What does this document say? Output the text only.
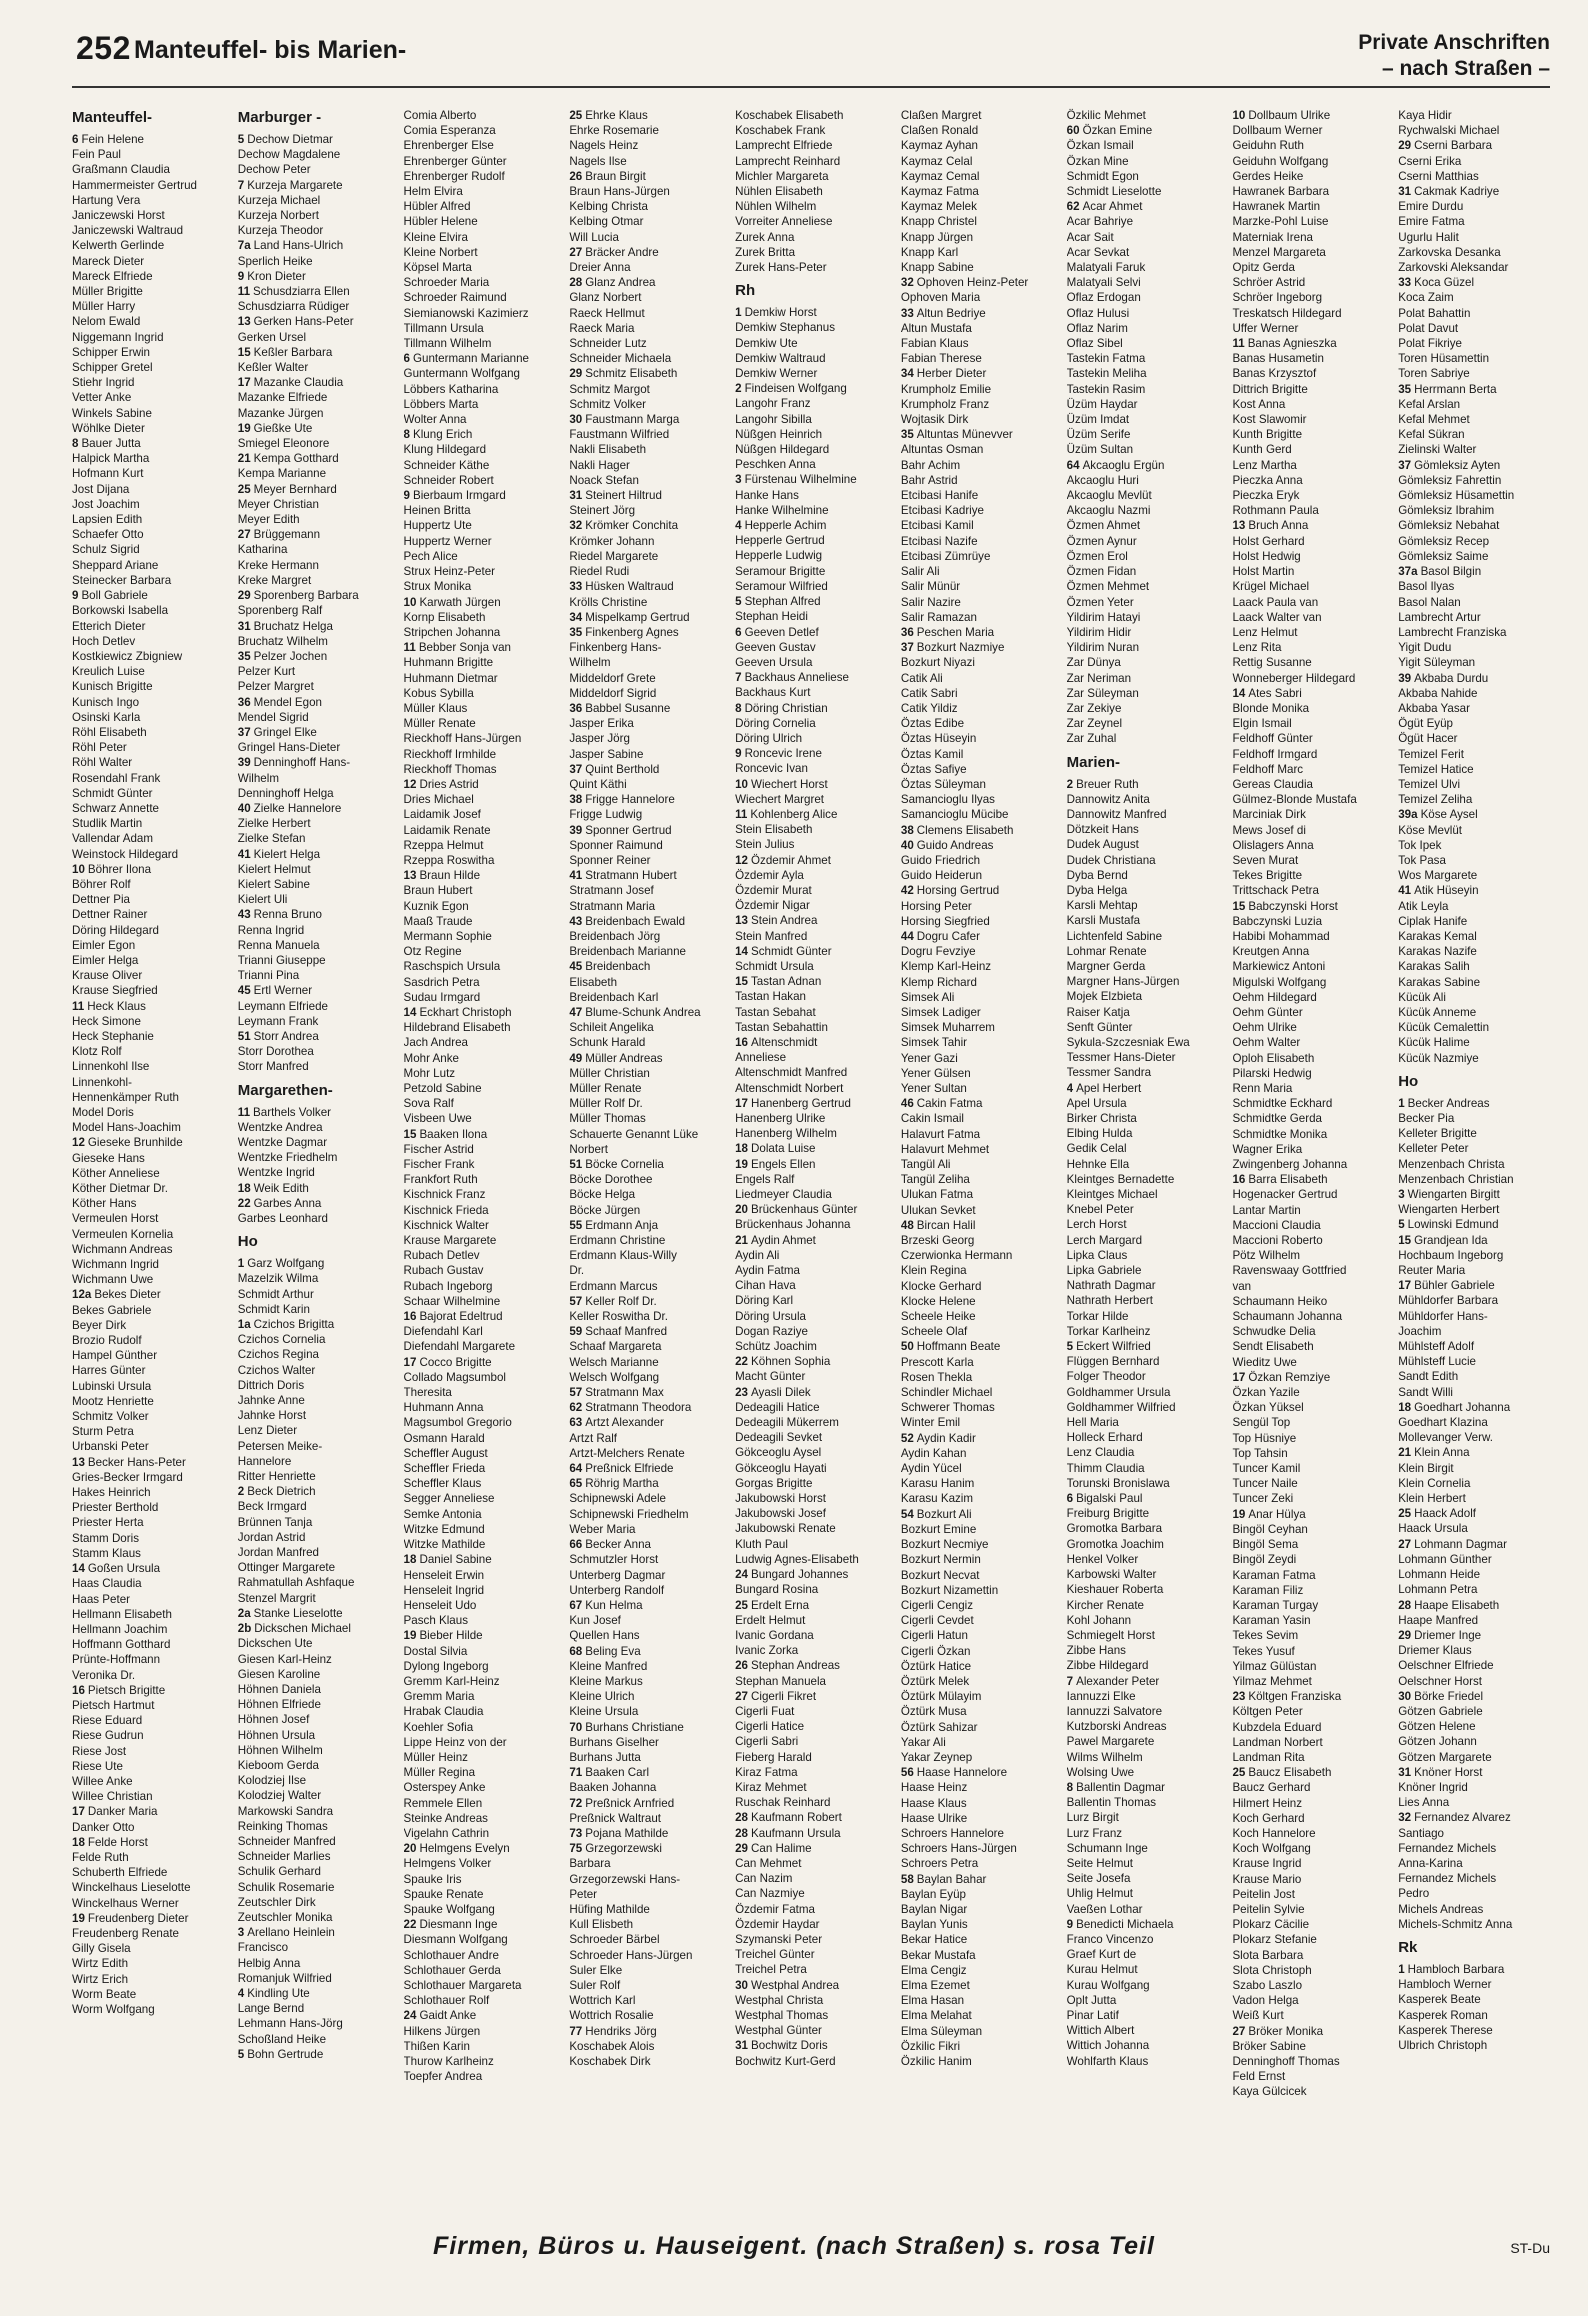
252 Manteuffel- bis Marien-	Private Anschriften
– nach Straßen –
Manteuffel-
6 Fein Helene
Fein Paul
Graßmann Claudia
Hammermeister Gertrud
Hartung Vera
Janiczewski Horst
Janiczewski Waltraud
Kelwerth Gerlinde
Mareck Dieter
Mareck Elfriede
Müller Brigitte
Müller Harry
Nelom Ewald
Niggemann Ingrid
Schipper Erwin
Schipper Gretel
Stiehr Ingrid
Vetter Anke
Winkels Sabine
Wöhlke Dieter
8 Bauer Jutta
Halpick Martha
Hofmann Kurt
Jost Dijana
Jost Joachim
Lapsien Edith
Schaefer Otto
Schulz Sigrid
Sheppard Ariane
Steinecker Barbara
9 Boll Gabriele
Borkowski Isabella
Etterich Dieter
Hoch Detlev
Kostkiewicz Zbigniew
Kreulich Luise
Kunisch Brigitte
Kunisch Ingo
Osinski Karla
Röhl Elisabeth
Röhl Peter
Röhl Walter
Rosendahl Frank
Schmidt Günter
Schwarz Annette
Studlik Martin
Vallendar Adam
Weinstock Hildegard
10 Böhrer Ilona
Böhrer Rolf
Dettner Pia
Dettner Rainer
Döring Hildegard
Eimler Egon
Eimler Helga
Krause Oliver
Krause Siegfried
11 Heck Klaus
Heck Simone
Heck Stephanie
Klotz Rolf
Linnenkohl Ilse
Linnenkohl-
Hennenkämper Ruth
Model Doris
Model Hans-Joachim
12 Gieseke Brunhilde
Gieseke Hans
Köther Anneliese
Köther Dietmar Dr.
Köther Hans
Vermeulen Horst
Vermeulen Kornelia
Wichmann Andreas
Wichmann Ingrid
Wichmann Uwe
12a Bekes Dieter
Bekes Gabriele
Beyer Dirk
Brozio Rudolf
Hampel Günther
Harres Günter
Lubinski Ursula
Mootz Henriette
Schmitz Volker
Sturm Petra
Urbanski Peter
13 Becker Hans-Peter
Gries-Becker Irmgard
Hakes Heinrich
Priester Berthold
Priester Herta
Stamm Doris
Stamm Klaus
14 Goßen Ursula
Haas Claudia
Haas Peter
Hellmann Elisabeth
Hellmann Joachim
Hoffmann Gotthard
Prünte-Hoffmann
Veronika Dr.
16 Pietsch Brigitte
Pietsch Hartmut
Riese Eduard
Riese Gudrun
Riese Jost
Riese Ute
Willee Anke
Willee Christian
17 Danker Maria
Danker Otto
18 Felde Horst
Felde Ruth
Schuberth Elfriede
Winckelhaus Lieselotte
Winckelhaus Werner
19 Freudenberg Dieter
Freudenberg Renate
Gilly Gisela
Wirtz Edith
Wirtz Erich
Worm Beate
Worm Wolfgang
Marburger -
5 Dechow Dietmar
Dechow Magdalene
Dechow Peter
7 Kurzeja Margarete
Kurzeja Michael
Kurzeja Norbert
Kurzeja Theodor
7a Land Hans-Ulrich
Sperlich Heike
9 Kron Dieter
11 Schusdziarra Ellen
Schusdziarra Rüdiger
13 Gerken Hans-Peter
Gerken Ursel
15 Keßler Barbara
Keßler Walter
17 Mazanke Claudia
Mazanke Elfriede
Mazanke Jürgen
19 Gießke Ute
Smiegel Eleonore
21 Kempa Gotthard
Kempa Marianne
25 Meyer Bernhard
Meyer Christian
Meyer Edith
27 Brüggemann
Katharina
Kreke Hermann
Kreke Margret
29 Sporenberg Barbara
Sporenberg Ralf
31 Bruchatz Helga
Bruchatz Wilhelm
35 Pelzer Jochen
Pelzer Kurt
Pelzer Margret
36 Mendel Egon
Mendel Sigrid
37 Gringel Elke
Gringel Hans-Dieter
39 Denninghoff Hans-
Wilhelm
Denninghoff Helga
40 Zielke Hannelore
Zielke Herbert
Zielke Stefan
41 Kielert Helga
Kielert Helmut
Kielert Sabine
Kielert Uli
43 Renna Bruno
Renna Ingrid
Renna Manuela
Trianni Giuseppe
Trianni Pina
45 Ertl Werner
Leymann Elfriede
Leymann Frank
51 Storr Andrea
Storr Dorothea
Storr Manfred
Margarethen-
11 Barthels Volker
Wentzke Andrea
Wentzke Dagmar
Wentzke Friedhelm
Wentzke Ingrid
18 Weik Edith
22 Garbes Anna
Garbes Leonhard
Ho
1 Garz Wolfgang
Mazelzik Wilma
Schmidt Arthur
Schmidt Karin
1a Czichos Brigitta
Czichos Cornelia
Czichos Regina
Czichos Walter
Dittrich Doris
Jahnke Anne
Jahnke Horst
Lenz Dieter
Petersen Meike-
Hannelore
Ritter Henriette
2 Beck Dietrich
Beck Irmgard
Brünnen Tanja
Jordan Astrid
Jordan Manfred
Ottinger Margarete
Rahmatullah Ashfaque
Stenzel Margrit
2a Stanke Lieselotte
2b Dickschen Michael
Dickschen Ute
Giesen Karl-Heinz
Giesen Karoline
Höhnen Daniela
Höhnen Elfriede
Höhnen Josef
Höhnen Ursula
Höhnen Wilhelm
Kieboom Gerda
Kolodziej Ilse
Kolodziej Walter
Markowski Sandra
Reinking Thomas
Schneider Manfred
Schneider Marlies
Schulik Gerhard
Schulik Rosemarie
Zeutschler Dirk
Zeutschler Monika
3 Arellano Heinlein
Francisco
Helbig Anna
Romanjuk Wilfried
4 Kindling Ute
Lange Bernd
Lehmann Hans-Jörg
Schoßland Heike
5 Bohn Gertrude
Comia Alberto
Comia Esperanza
Ehrenberger Else
Ehrenberger Günter
Ehrenberger Rudolf
Helm Elvira
Hübler Alfred
Hübler Helene
Kleine Elvira
Kleine Norbert
Köpsel Marta
Schroeder Maria
Schroeder Raimund
Siemianowski Kazimierz
Tillmann Ursula
Tillmann Wilhelm
6 Guntermann Marianne
Guntermann Wolfgang
Löbbers Katharina
Löbbers Marta
Wolter Anna
8 Klung Erich
Klung Hildegard
Schneider Käthe
Schneider Robert
9 Bierbaum Irmgard
Heinen Britta
Huppertz Ute
Huppertz Werner
Pech Alice
Strux Heinz-Peter
Strux Monika
10 Karwath Jürgen
Kornp Elisabeth
Stripchen Johanna
11 Bebber Sonja van
Huhmann Brigitte
Huhmann Dietmar
Kobus Sybilla
Müller Klaus
Müller Renate
Rieckhoff Hans-Jürgen
Rieckhoff Irmhilde
Rieckhoff Thomas
12 Dries Astrid
Dries Michael
Laidamik Josef
Laidamik Renate
Rzeppa Helmut
Rzeppa Roswitha
13 Braun Hilde
Braun Hubert
Kuznik Egon
Maaß Traude
Mermann Sophie
Otz Regine
Raschspich Ursula
Sasdrich Petra
Sudau Irmgard
14 Eckhart Christoph
Hildebrand Elisabeth
Jach Andrea
Mohr Anke
Mohr Lutz
Petzold Sabine
Sova Ralf
Visbeen Uwe
15 Baaken Ilona
Fischer Astrid
Fischer Frank
Frankfort Ruth
Kischnick Franz
Kischnick Frieda
Kischnick Walter
Krause Margarete
Rubach Detlev
Rubach Gustav
Rubach Ingeborg
Schaar Wilhelmine
16 Bajorat Edeltrud
Diefendahl Karl
Diefendahl Margarete
17 Cocco Brigitte
Collado Magsumbol
Theresita
Huhmann Anna
Magsumbol Gregorio
Osmann Harald
Scheffler August
Scheffler Frieda
Scheffler Klaus
Segger Anneliese
Semke Antonia
Witzke Edmund
Witzke Mathilde
18 Daniel Sabine
Henseleit Erwin
Henseleit Ingrid
Henseleit Udo
Pasch Klaus
19 Bieber Hilde
Dostal Silvia
Dylong Ingeborg
Gremm Karl-Heinz
Gremm Maria
Hrabak Claudia
Koehler Sofia
Lippe Heinz von der
Müller Heinz
Müller Regina
Osterspey Anke
Remmele Ellen
Steinke Andreas
Vigelahn Cathrin
20 Helmgens Evelyn
Helmgens Volker
Spauke Iris
Spauke Renate
Spauke Wolfgang
22 Diesmann Inge
Diesmann Wolfgang
Schlothauer Andre
Schlothauer Gerda
Schlothauer Margareta
Schlothauer Rolf
24 Gaidt Anke
Hilkens Jürgen
Thißen Karin
Thurow Karlheinz
Toepfer Andrea
25 Ehrke Klaus
Ehrke Rosemarie
Nagels Heinz
Nagels Ilse
26 Braun Birgit
Braun Hans-Jürgen
Kelbing Christa
Kelbing Otmar
Will Lucia
27 Bräcker Andre
Dreier Anna
28 Glanz Andrea
Glanz Norbert
Raeck Hellmut
Raeck Maria
Schneider Lutz
Schneider Michaela
29 Schmitz Elisabeth
Schmitz Margot
Schmitz Volker
30 Faustmann Marga
Faustmann Wilfried
Nakli Elisabeth
Nakli Hager
Noack Stefan
31 Steinert Hiltrud
Steinert Jörg
32 Krömker Conchita
Krömker Johann
Riedel Margarete
Riedel Rudi
33 Hüsken Waltraud
Krölls Christine
34 Mispelkamp Gertrud
35 Finkenberg Agnes
Finkenberg Hans-
Wilhelm
Middeldorf Grete
Middeldorf Sigrid
36 Babbel Susanne
Jasper Erika
Jasper Jörg
Jasper Sabine
37 Quint Berthold
Quint Käthi
38 Frigge Hannelore
Frigge Ludwig
39 Sponner Gertrud
Sponner Raimund
Sponner Reiner
41 Stratmann Hubert
Stratmann Josef
Stratmann Maria
43 Breidenbach Ewald
Breidenbach Jörg
Breidenbach Marianne
45 Breidenbach
Elisabeth
Breidenbach Karl
47 Blume-Schunk Andrea
Schileit Angelika
Schunk Harald
49 Müller Andreas
Müller Christian
Müller Renate
Müller Rolf Dr.
Müller Thomas
Schauerte Genannt Lüke
Norbert
51 Böcke Cornelia
Böcke Dorothee
Böcke Helga
Böcke Jürgen
55 Erdmann Anja
Erdmann Christine
Erdmann Klaus-Willy
Dr.
Erdmann Marcus
57 Keller Rolf Dr.
Keller Roswitha Dr.
59 Schaaf Manfred
Schaaf Margareta
Welsch Marianne
Welsch Wolfgang
57 Stratmann Max
62 Stratmann Theodora
63 Artzt Alexander
Artzt Ralf
Artzt-Melchers Renate
64 Preßnick Elfriede
65 Röhrig Martha
Schipnewski Adele
Schipnewski Friedhelm
Weber Maria
66 Becker Anna
Schmutzler Horst
Unterberg Dagmar
Unterberg Randolf
67 Kun Helma
Kun Josef
Quellen Hans
68 Beling Eva
Kleine Manfred
Kleine Markus
Kleine Ulrich
Kleine Ursula
70 Burhans Christiane
Burhans Giselher
Burhans Jutta
71 Baaken Carl
Baaken Johanna
72 Preßnick Arnfried
Preßnick Waltraut
73 Pojana Mathilde
75 Grzegorzewski
Barbara
Grzegorzewski Hans-
Peter
Hüfing Mathilde
Kull Elisbeth
Schroeder Bärbel
Schroeder Hans-Jürgen
Suler Elke
Suler Rolf
Wottrich Karl
Wottrich Rosalie
77 Hendriks Jörg
Koschabek Alois
Koschabek Dirk
Koschabek Elisabeth
Koschabek Frank
Lamprecht Elfriede
Lamprecht Reinhard
Michler Margareta
Nühlen Elisabeth
Nühlen Wilhelm
Vorreiter Anneliese
Zurek Anna
Zurek Britta
Zurek Hans-Peter
Rh
1 Demkiw Horst
Demkiw Stephanus
Demkiw Ute
Demkiw Waltraud
Demkiw Werner
2 Findeisen Wolfgang
Langohr Franz
Langohr Sibilla
Nüßgen Heinrich
Nüßgen Hildegard
Peschken Anna
3 Fürstenau Wilhelmine
Hanke Hans
Hanke Wilhelmine
4 Hepperle Achim
Hepperle Gertrud
Hepperle Ludwig
Seramour Brigitte
Seramour Wilfried
5 Stephan Alfred
Stephan Heidi
6 Geeven Detlef
Geeven Gustav
Geeven Ursula
7 Backhaus Anneliese
Backhaus Kurt
8 Döring Christian
Döring Cornelia
Döring Ulrich
9 Roncevic Irene
Roncevic Ivan
10 Wiechert Horst
Wiechert Margret
11 Kohlenberg Alice
Stein Elisabeth
Stein Julius
12 Özdemir Ahmet
Özdemir Ayla
Özdemir Murat
Özdemir Nigar
13 Stein Andrea
Stein Manfred
14 Schmidt Günter
Schmidt Ursula
15 Tastan Adnan
Tastan Hakan
Tastan Sebahat
Tastan Sebahattin
16 Altenschmidt
Anneliese
Altenschmidt Manfred
Altenschmidt Norbert
17 Hanenberg Gertrud
Hanenberg Ulrike
Hanenberg Wilhelm
18 Dolata Luise
19 Engels Ellen
Engels Ralf
Liedmeyer Claudia
20 Brückenhaus Günter
Brückenhaus Johanna
21 Aydin Ahmet
Aydin Ali
Aydin Fatma
Cihan Hava
Döring Karl
Döring Ursula
Dogan Raziye
Schütz Joachim
22 Köhnen Sophia
Macht Günter
23 Ayasli Dilek
Dedeagili Hatice
Dedeagili Mükerrem
Dedeagili Sevket
Gökceoglu Aysel
Gökceoglu Hayati
Gorgas Brigitte
Jakubowski Horst
Jakubowski Josef
Jakubowski Renate
Kluth Paul
Ludwig Agnes-Elisabeth
24 Bungard Johannes
Bungard Rosina
25 Erdelt Erna
Erdelt Helmut
Ivanic Gordana
Ivanic Zorka
26 Stephan Andreas
Stephan Manuela
27 Cigerli Fikret
Cigerli Fuat
Cigerli Hatice
Cigerli Sabri
Fieberg Harald
Kiraz Fatma
Kiraz Mehmet
Ruschak Reinhard
28 Kaufmann Robert
28 Kaufmann Ursula
29 Can Halime
Can Mehmet
Can Nazim
Can Nazmiye
Özdemir Fatma
Özdemir Haydar
Szymanski Peter
Treichel Günter
Treichel Petra
30 Westphal Andrea
Westphal Christa
Westphal Thomas
Westphal Günter
31 Bochwitz Doris
Bochwitz Kurt-Gerd
Claßen Margret
Claßen Ronald
Kaymaz Ayhan
Kaymaz Celal
Kaymaz Cemal
Kaymaz Fatma
Kaymaz Melek
Knapp Christel
Knapp Jürgen
Knapp Karl
Knapp Sabine
32 Ophoven Heinz-Peter
Ophoven Maria
33 Altun Bedriye
Altun Mustafa
Fabian Klaus
Fabian Therese
34 Herber Dieter
Krumpholz Emilie
Krumpholz Franz
Wojtasik Dirk
35 Altuntas Münevver
Altuntas Osman
Bahr Achim
Bahr Astrid
Etcibasi Hanife
Etcibasi Kadriye
Etcibasi Kamil
Etcibasi Nazife
Etcibasi Zümrüye
Salir Ali
Salir Münür
Salir Nazire
Salir Ramazan
36 Peschen Maria
37 Bozkurt Nazmiye
Bozkurt Niyazi
Catik Ali
Catik Sabri
Catik Yildiz
Öztas Edibe
Öztas Hüseyin
Öztas Kamil
Öztas Safiye
Öztas Süleyman
Samancioglu Ilyas
Samancioglu Mücibe
38 Clemens Elisabeth
40 Guido Andreas
Guido Friedrich
Guido Heiderun
42 Horsing Gertrud
Horsing Peter
Horsing Siegfried
44 Dogru Cafer
Dogru Fevziye
Klemp Karl-Heinz
Klemp Richard
Simsek Ali
Simsek Ladiger
Simsek Muharrem
Simsek Tahir
Yener Gazi
Yener Gülsen
Yener Sultan
46 Cakin Fatma
Cakin Ismail
Halavurt Fatma
Halavurt Mehmet
Tangül Ali
Tangül Zeliha
Ulukan Fatma
Ulukan Sevket
48 Bircan Halil
Brzeski Georg
Czerwionka Hermann
Klein Regina
Klocke Gerhard
Klocke Helene
Scheele Heike
Scheele Olaf
50 Hoffmann Beate
Prescott Karla
Rosen Thekla
Schindler Michael
Schwerer Thomas
Winter Emil
52 Aydin Kadir
Aydin Kahan
Aydin Yücel
Karasu Hanim
Karasu Kazim
54 Bozkurt Ali
Bozkurt Emine
Bozkurt Necmiye
Bozkurt Nermin
Bozkurt Necvat
Bozkurt Nizamettin
Cigerli Cengiz
Cigerli Cevdet
Cigerli Hatun
Cigerli Özkan
Öztürk Hatice
Öztürk Melek
Öztürk Mülayim
Öztürk Musa
Öztürk Sahizar
Yakar Ali
Yakar Zeynep
56 Haase Hannelore
Haase Heinz
Haase Klaus
Haase Ulrike
Schroers Hannelore
Schroers Hans-Jürgen
Schroers Petra
58 Baylan Bahar
Baylan Eyüp
Baylan Nigar
Baylan Yunis
Bekar Hatice
Bekar Mustafa
Elma Cengiz
Elma Ezemet
Elma Hasan
Elma Melahat
Elma Süleyman
Özkilic Fikri
Özkilic Hanim
Özkilic Mehmet
60 Özkan Emine
Özkan Ismail
Özkan Mine
Schmidt Egon
Schmidt Lieselotte
62 Acar Ahmet
Acar Bahriye
Acar Sait
Acar Sevkat
Malatyali Faruk
Malatyali Selvi
Oflaz Erdogan
Oflaz Hulusi
Oflaz Narim
Oflaz Sibel
Tastekin Fatma
Tastekin Meliha
Tastekin Rasim
Üzüm Haydar
Üzüm Imdat
Üzüm Serife
Üzüm Sultan
64 Akcaoglu Ergün
Akcaoglu Huri
Akcaoglu Mevlüt
Akcaoglu Nazmi
Özmen Ahmet
Özmen Aynur
Özmen Erol
Özmen Fidan
Özmen Mehmet
Özmen Yeter
Yildirim Hatayi
Yildirim Hidir
Yildirim Nuran
Zar Dünya
Zar Neriman
Zar Süleyman
Zar Zekiye
Zar Zeynel
Zar Zuhal
Marien-
2 Breuer Ruth
Dannowitz Anita
Dannowitz Manfred
Dötzkeit Hans
Dudek August
Dudek Christiana
Dyba Bernd
Dyba Helga
Karsli Mehtap
Karsli Mustafa
Lichtenfeld Sabine
Lohmar Renate
Margner Gerda
Margner Hans-Jürgen
Mojek Elzbieta
Raiser Katja
Senft Günter
Sykula-Szczesniak Ewa
Tessmer Hans-Dieter
Tessmer Sandra
4 Apel Herbert
Apel Ursula
Birker Christa
Elbing Hulda
Gedik Celal
Hehnke Ella
Kleintges Bernadette
Kleintges Michael
Knebel Peter
Lerch Horst
Lerch Margard
Lipka Claus
Lipka Gabriele
Nathrath Dagmar
Nathrath Herbert
Torkar Hilde
Torkar Karlheinz
5 Eckert Wilfried
Flüggen Bernhard
Folger Theodor
Goldhammer Ursula
Goldhammer Wilfried
Hell Maria
Holleck Erhard
Lenz Claudia
Thimm Claudia
Torunski Bronislawa
6 Bigalski Paul
Freiburg Brigitte
Gromotka Barbara
Gromotka Joachim
Henkel Volker
Karbowski Walter
Kieshauer Roberta
Kircher Renate
Kohl Johann
Schmiegelt Horst
Zibbe Hans
Zibbe Hildegard
7 Alexander Peter
Iannuzzi Elke
Iannuzzi Salvatore
Kutzborski Andreas
Pawel Margarete
Wilms Wilhelm
Wolsing Uwe
8 Ballentin Dagmar
Ballentin Thomas
Lurz Birgit
Lurz Franz
Schumann Inge
Seite Helmut
Seite Josefa
Uhlig Helmut
Vaeßen Lothar
9 Benedicti Michaela
Franco Vincenzo
Graef Kurt de
Kurau Helmut
Kurau Wolfgang
Oplt Jutta
Pinar Latif
Wittich Albert
Wittich Johanna
Wohlfarth Klaus
10 Dollbaum Ulrike
Dollbaum Werner
Geiduhn Ruth
Geiduhn Wolfgang
Gerdes Heike
Hawranek Barbara
Hawranek Martin
Marzke-Pohl Luise
Materniak Irena
Menzel Margareta
Opitz Gerda
Schröer Astrid
Schröer Ingeborg
Treskatsch Hildegard
Uffer Werner
11 Banas Agnieszka
Banas Husametin
Banas Krzysztof
Dittrich Brigitte
Kost Anna
Kost Slawomir
Kunth Brigitte
Kunth Gerd
Lenz Martha
Pieczka Anna
Pieczka Eryk
Rothmann Paula
13 Bruch Anna
Holst Gerhard
Holst Hedwig
Holst Martin
Krügel Michael
Laack Paula van
Laack Walter van
Lenz Helmut
Lenz Rita
Rettig Susanne
Wonneberger Hildegard
14 Ates Sabri
Blonde Monika
Elgin Ismail
Feldhoff Günter
Feldhoff Irmgard
Feldhoff Marc
Gereas Claudia
Gülmez-Blonde Mustafa
Marciniak Dirk
Mews Josef di
Olislagers Anna
Seven Murat
Tekes Brigitte
Trittschack Petra
15 Babczynski Horst
Babczynski Luzia
Habibi Mohammad
Kreutgen Anna
Markiewicz Antoni
Migulski Wolfgang
Oehm Hildegard
Oehm Günter
Oehm Ulrike
Oehm Walter
Oploh Elisabeth
Pilarski Hedwig
Renn Maria
Schmidtke Eckhard
Schmidtke Gerda
Schmidtke Monika
Wagner Erika
Zwingenberg Johanna
16 Barra Elisabeth
Hogenacker Gertrud
Lantar Martin
Maccioni Claudia
Maccioni Roberto
Pötz Wilhelm
Ravenswaay Gottfried
van
Schaumann Heiko
Schaumann Johanna
Schwudke Delia
Sendt Elisabeth
Wieditz Uwe
17 Özkan Remziye
Özkan Yazile
Özkan Yüksel
Sengül Top
Top Hüsniye
Top Tahsin
Tuncer Kamil
Tuncer Naile
Tuncer Zeki
19 Anar Hülya
Bingöl Ceyhan
Bingöl Sema
Bingöl Zeydi
Karaman Fatma
Karaman Filiz
Karaman Turgay
Karaman Yasin
Tekes Sevim
Tekes Yusuf
Yilmaz Gülüstan
Yilmaz Mehmet
23 Költgen Franziska
Költgen Peter
Kubzdela Eduard
Landman Norbert
Landman Rita
25 Baucz Elisabeth
Baucz Gerhard
Hilmert Heinz
Koch Gerhard
Koch Hannelore
Koch Wolfgang
Krause Ingrid
Krause Mario
Peitelin Jost
Peitelin Sylvie
Plokarz Cäcilie
Plokarz Stefanie
Slota Barbara
Slota Christoph
Szabo Laszlo
Vadon Helga
Weiß Kurt
27 Bröker Monika
Bröker Sabine
Denninghoff Thomas
Feld Ernst
Kaya Gülcicek
Kaya Hidir
Rychwalski Michael
29 Cserni Barbara
Cserni Erika
Cserni Matthias
31 Cakmak Kadriye
Emire Durdu
Emire Fatma
Ugurlu Halit
Zarkovska Desanka
Zarkovski Aleksandar
33 Koca Güzel
Koca Zaim
Polat Bahattin
Polat Davut
Polat Fikriye
Toren Hüsamettin
Toren Sabriye
35 Herrmann Berta
Kefal Arslan
Kefal Mehmet
Kefal Sükran
Zielinski Walter
37 Gömleksiz Ayten
Gömleksiz Fahrettin
Gömleksiz Hüsamettin
Gömleksiz Ibrahim
Gömleksiz Nebahat
Gömleksiz Recep
Gömleksiz Saime
37a Basol Bilgin
Basol Ilyas
Basol Nalan
Lambrecht Artur
Lambrecht Franziska
Yigit Dudu
Yigit Süleyman
39 Akbaba Durdu
Akbaba Nahide
Akbaba Yasar
Ögüt Eyüp
Ögüt Hacer
Temizel Ferit
Temizel Hatice
Temizel Ulvi
Temizel Zeliha
39a Köse Aysel
Köse Mevlüt
Tok Ipek
Tok Pasa
Wos Margarete
41 Atik Hüseyin
Atik Leyla
Ciplak Hanife
Karakas Kemal
Karakas Nazife
Karakas Salih
Karakas Sabine
Kücük Ali
Kücük Anneme
Kücük Cemalettin
Kücük Halime
Kücük Nazmiye
Ho
1 Becker Andreas
Becker Pia
Kelleter Brigitte
Kelleter Peter
Menzenbach Christa
Menzenbach Christian
3 Wiengarten Birgitt
Wiengarten Herbert
5 Lowinski Edmund
15 Grandjean Ida
Hochbaum Ingeborg
Reuter Maria
17 Bühler Gabriele
Mühldorfer Barbara
Mühldorfer Hans-
Joachim
Mühlsteff Adolf
Mühlsteff Lucie
Sandt Edith
Sandt Willi
18 Goedhart Johanna
Goedhart Klazina
Mollevanger Verw.
21 Klein Anna
Klein Birgit
Klein Cornelia
Klein Herbert
25 Haack Adolf
Haack Ursula
27 Lohmann Dagmar
Lohmann Günther
Lohmann Heide
Lohmann Petra
28 Haape Elisabeth
Haape Manfred
29 Driemer Inge
Driemer Klaus
Oelschner Elfriede
Oelschner Horst
30 Börke Friedel
Götzen Gabriele
Götzen Helene
Götzen Johann
Götzen Margarete
31 Knöner Horst
Knöner Ingrid
Lies Anna
32 Fernandez Alvarez
Santiago
Fernandez Michels
Anna-Karina
Fernandez Michels
Pedro
Michels Andreas
Michels-Schmitz Anna
Rk
1 Hambloch Barbara
Hambloch Werner
Kasperek Beate
Kasperek Roman
Kasperek Therese
Ulbrich Christoph
Firmen, Büros u. Hauseigent. (nach Straßen) s. rosa Teil	ST-Du
